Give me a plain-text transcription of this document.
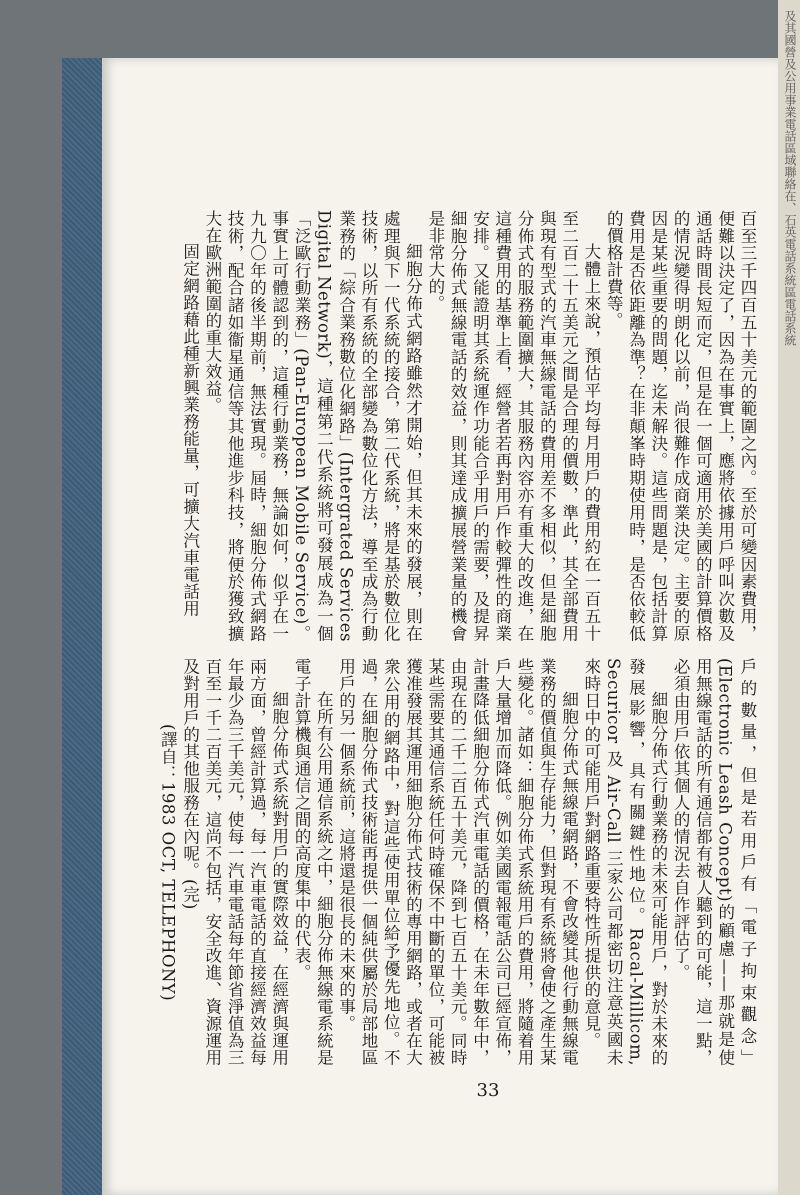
及其國營及公用事業電話區域聯絡在、石英電話系統區電話系統

百至三千四百五十美元的範圍之內。至於可變因素費用，便難以決定了，因為在事實上，應將依據用戶呼叫次數及通話時間長短而定，但是在一個可適用於美國的計算價格的情況變得明朗化以前，尚很難作成商業決定。主要的原因是某些重要的問題，迄未解決。這些問題是，包括計算費用是否依距離為準？在非顛峯時期使用時，是否依較低的價格計費等。

大體上來說，預估平均每月用戶的費用約在一百五十至二百二十五美元之間是合理的價數，準此，其全部費用與現有型式的汽車無線電話的費用差不多相似，但是細胞分佈式的服務範圍擴大，其服務內容亦有重大的改進，在這種費用的基準上看，經營者若再對用戶作較彈性的商業安排。又能證明其系統運作功能合乎用戶的需要，及提昇細胞分佈式無線電話的效益，則其達成擴展營業量的機會是非常大的。

細胞分佈式網路雖然才開始，但其未來的發展，則在處理與下一代系統的接合，第二代系統，將是基於數位化技術，以所有系統的全部變為數位化方法，導至成為行動業務的「綜合業務數位化網路」(Intergrated Services Digital Network)，這種第二代系統將可發展成為一個「泛歐行動業務」(Pan-European Mobile Service)。事實上可體認到的，這種行動業務，無論如何，似乎在一九九〇年的後半期前，無法實現。屆時，細胞分佈式網路技術，配合諸如衞星通信等其他進步科技，將便於獲致擴大在歐洲範圍的重大效益。

固定網路藉此種新興業務能量，可擴大汽車電話用

戶的數量，但是若用戶有「電子拘束觀念」(Electronic Leash Concept)的顧慮——那就是使用無線電話的所有通信都有被人聽到的可能，這一點，必須由用戶依其個人的情況去自作評估了。

細胞分佈式行動業務的未來可能用戶，對於未來的發展影響，具有關鍵性地位。Racal-Millicom, Securicor 及 Air-Call 三家公司都密切注意英國未來時日中的可能用戶對網路重要特性所提供的意見。

細胞分佈式無線電網路，不會改變其他行動無線電業務的價值與生存能力，但對現有系統將會使之產生某些變化。諸如：細胞分佈式系統用戶的費用，將隨着用戶大量增加而降低。例如美國電報電話公司已經宣佈，計畫降低細胞分佈式汽車電話的價格，在未年數年中，由現在的二千二百五十美元，降到七百五十美元。同時某些需要其通信系統任何時確保不中斷的單位，可能被獲准發展其運用細胞分佈式技術的專用網路，或者在大衆公用的網路中，對這些使用單位給予優先地位。不過，在細胞分佈式技術能再提供一個純供屬於局部地區用戶的另一個系統前，這將還是很長的未來的事。

在所有公用通信系統之中，細胞分佈無線電系統是電子計算機與通信之間的高度集中的代表。

細胞分佈式系統對用戶的實際效益，在經濟與運用兩方面，曾經計算過，每一汽車電話的直接經濟效益每年最少為三千美元，使每一汽車電話每年節省淨值為三百至一千二百美元，這尚不包括，安全改進、資源運用及對用戶的其他服務在內呢。(完)

(譯自：1983 OCT, TELEPHONY)

33
